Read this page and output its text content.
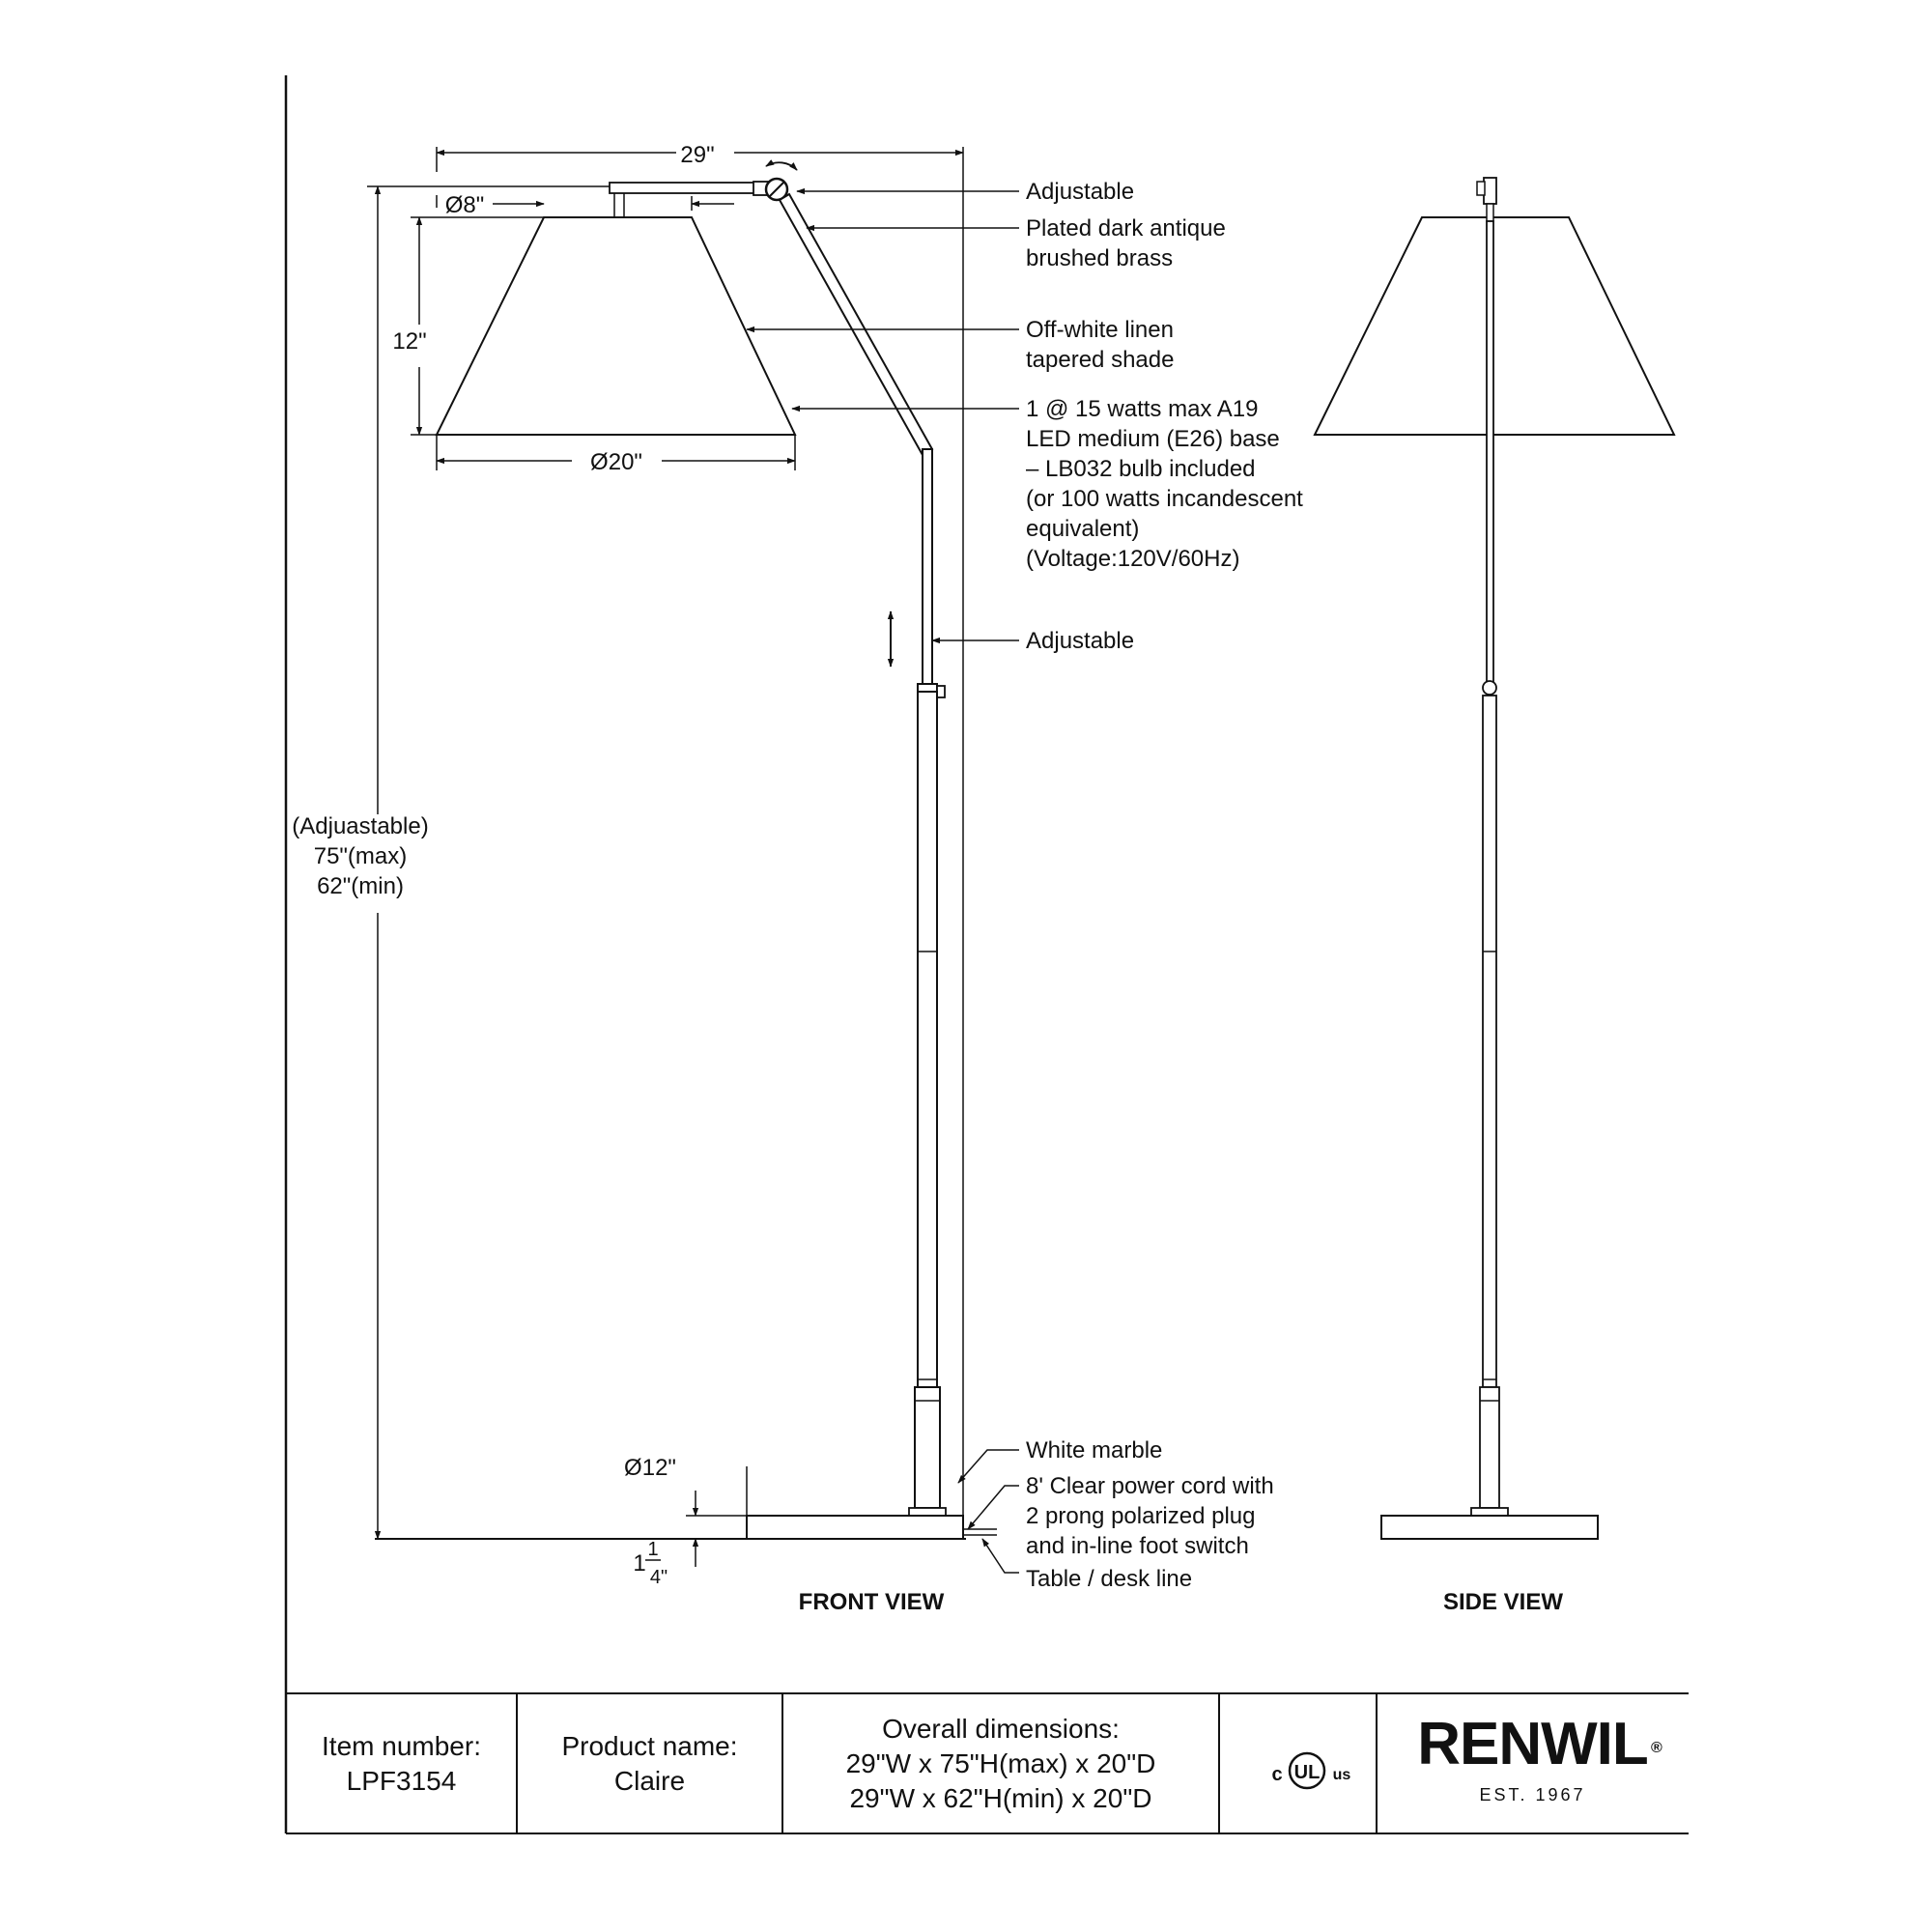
29"
Ø8"
12"
Ø20"
(Adjuastable)
75"(max)
62"(min)
Ø12"
1
1
4"
Adjustable
Plated dark antique
brushed brass
Off-white linen
tapered shade
1 @ 15 watts max A19
LED medium (E26) base
– LB032 bulb included
(or 100 watts incandescent
equivalent)
(Voltage:120V/60Hz)
Adjustable
White marble
8' Clear power cord with
2 prong polarized plug
and in-line foot switch
Table / desk line
FRONT VIEW	SIDE VIEW
UL
c	us
Item number:
LPF3154
Product name:
Claire
Overall dimensions:
29"W x 75"H(max) x 20"D
29"W x 62"H(min) x 20"D
RENWIL ®
EST. 1967
